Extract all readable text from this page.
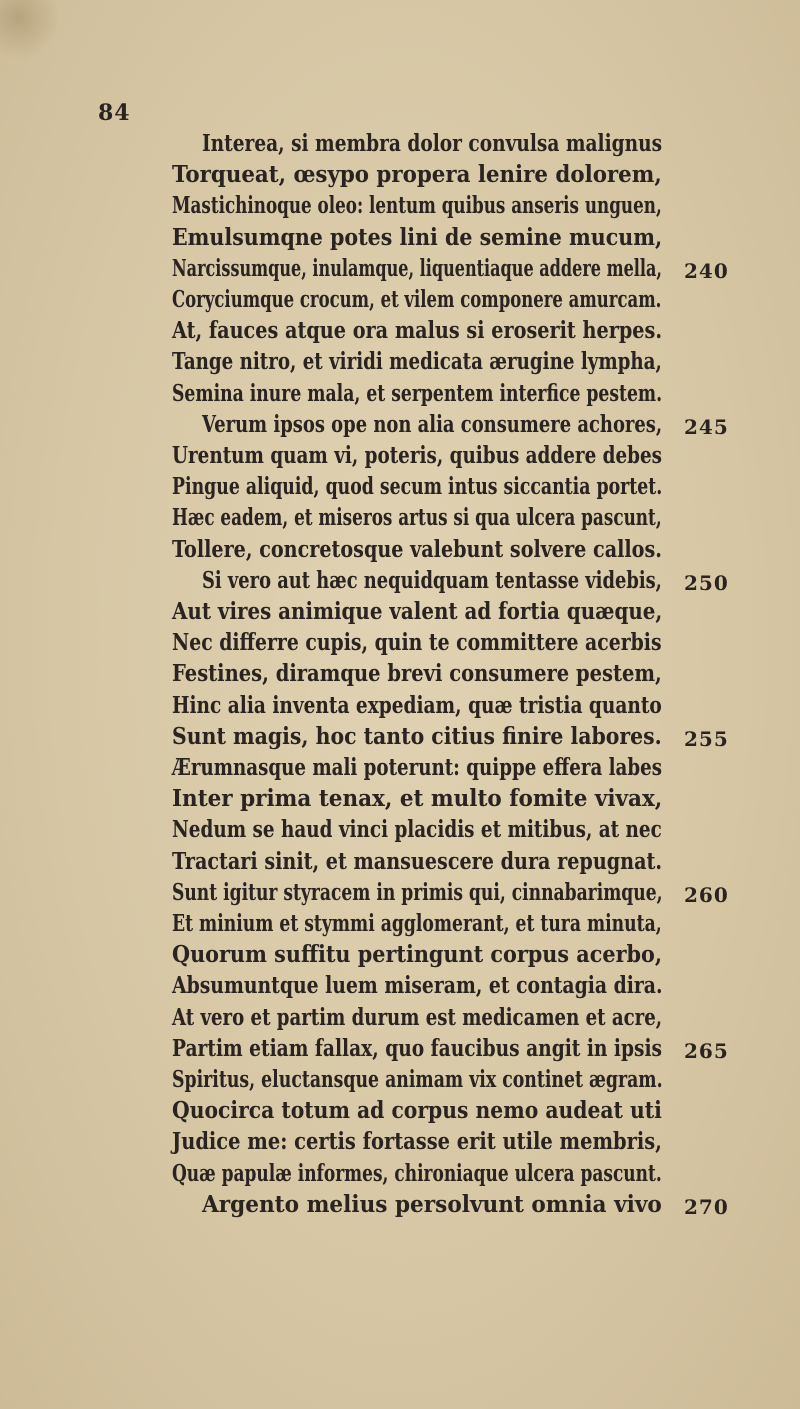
84
Interea, si membra dolor convulsa malignus
Torqueat, œsypo propera lenire dolorem,
Mastichinoque oleo: lentum quibus anseris unguen,
Emulsumqne potes lini de semine mucum,
Narcissumque, inulamque, liquentiaque addere mella, 240
Coryciumque crocum, et vilem componere amurcam.
At, fauces atque ora malus si eroserit herpes.
Tange nitro, et viridi medicata ærugine lympha,
Semina inure mala, et serpentem interfice pestem.
Verum ipsos ope non alia consumere achores, 245
Urentum quam vi, poteris, quibus addere debes
Pingue aliquid, quod secum intus siccantia portet.
Hæc eadem, et miseros artus si qua ulcera pascunt,
Tollere, concretosque valebunt solvere callos.
Si vero aut hæc nequidquam tentasse videbis, 250
Aut vires animique valent ad fortia quæque,
Nec differre cupis, quin te committere acerbis
Festines, diramque brevi consumere pestem,
Hinc alia inventa expediam, quæ tristia quanto
Sunt magis, hoc tanto citius finire labores. 255
Ærumnasque mali poterunt: quippe effera labes
Inter prima tenax, et multo fomite vivax,
Nedum se haud vinci placidis et mitibus, at nec
Tractari sinit, et mansuescere dura repugnat.
Sunt igitur styracem in primis qui, cinnabarimque, 260
Et minium et stymmi agglomerant, et tura minuta,
Quorum suffitu pertingunt corpus acerbo,
Absumuntque luem miseram, et contagia dira.
At vero et partim durum est medicamen et acre,
Partim etiam fallax, quo faucibus angit in ipsis 265
Spiritus, eluctansque animam vix continet ægram.
Quocirca totum ad corpus nemo audeat uti
Judice me: certis fortasse erit utile membris,
Quæ papulæ informes, chironiaque ulcera pascunt.
Argento melius persolvunt omnia vivo 270
